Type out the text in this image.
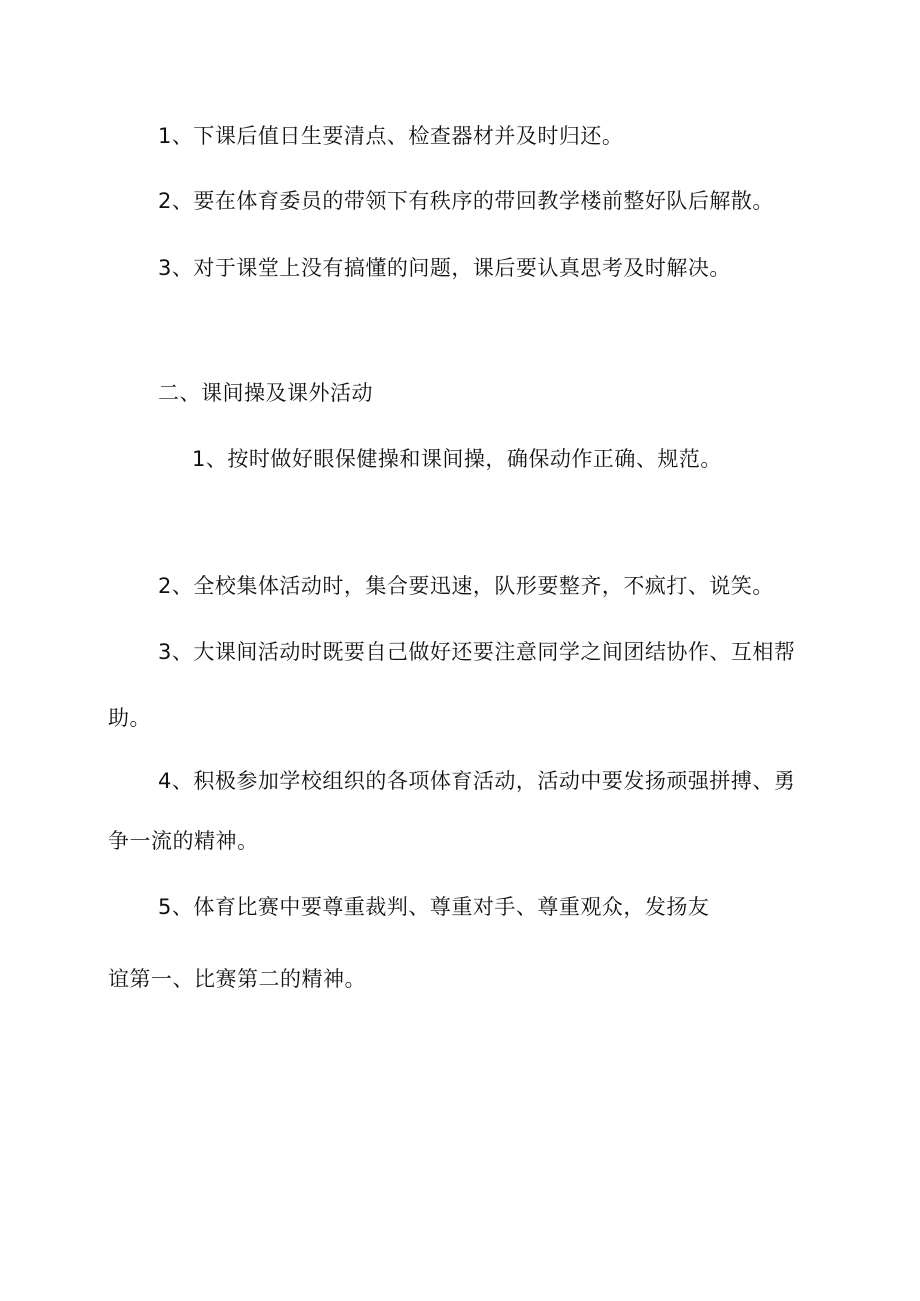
1、下课后值日生要清点、检查器材并及时归还。
2、要在体育委员的带领下有秩序的带回教学楼前整好队后解散。
3、对于课堂上没有搞懂的问题，课后要认真思考及时解决。
二、课间操及课外活动
1、按时做好眼保健操和课间操，确保动作正确、规范。
2、全校集体活动时，集合要迅速，队形要整齐，不疯打、说笑。
3、大课间活动时既要自己做好还要注意同学之间团结协作、互相帮
助。
4、积极参加学校组织的各项体育活动，活动中要发扬顽强拼搏、勇
争一流的精神。
5、体育比赛中要尊重裁判、尊重对手、尊重观众，发扬友
谊第一、比赛第二的精神。
